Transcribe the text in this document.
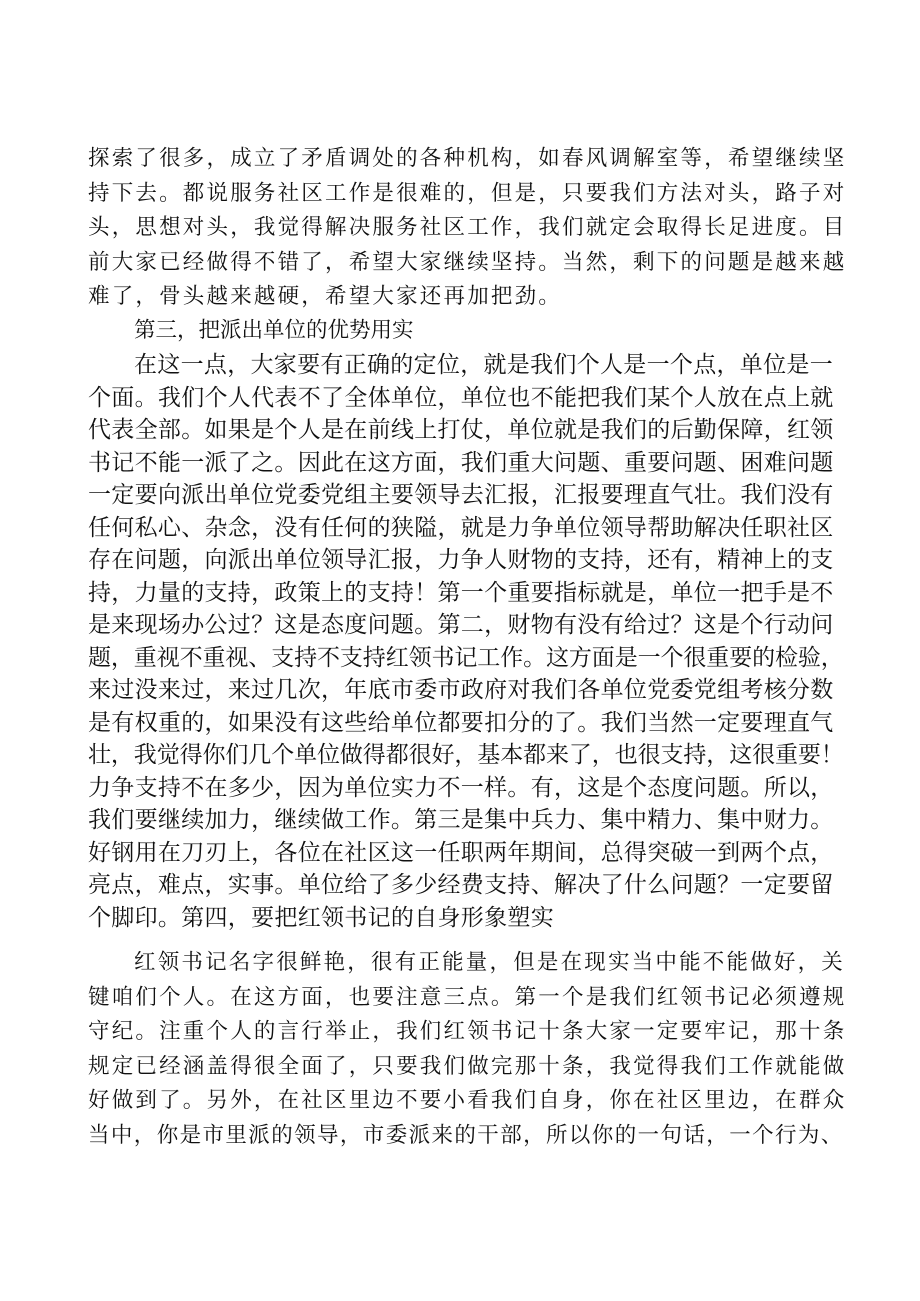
探索了很多，成立了矛盾调处的各种机构，如春风调解室等，希望继续坚

持下去。都说服务社区工作是很难的，但是，只要我们方法对头，路子对

头，思想对头，我觉得解决服务社区工作，我们就定会取得长足进度。目

前大家已经做得不错了，希望大家继续坚持。当然，剩下的问题是越来越

难了，骨头越来越硬，希望大家还再加把劲。

第三，把派出单位的优势用实

在这一点，大家要有正确的定位，就是我们个人是一个点，单位是一

个面。我们个人代表不了全体单位，单位也不能把我们某个人放在点上就

代表全部。如果是个人是在前线上打仗，单位就是我们的后勤保障，红领

书记不能一派了之。因此在这方面，我们重大问题、重要问题、困难问题

一定要向派出单位党委党组主要领导去汇报，汇报要理直气壮。我们没有

任何私心、杂念，没有任何的狭隘，就是力争单位领导帮助解决任职社区

存在问题，向派出单位领导汇报，力争人财物的支持，还有，精神上的支

持，力量的支持，政策上的支持！第一个重要指标就是，单位一把手是不

是来现场办公过？这是态度问题。第二，财物有没有给过？这是个行动问

题，重视不重视、支持不支持红领书记工作。这方面是一个很重要的检验，

来过没来过，来过几次，年底市委市政府对我们各单位党委党组考核分数

是有权重的，如果没有这些给单位都要扣分的了。我们当然一定要理直气

壮，我觉得你们几个单位做得都很好，基本都来了，也很支持，这很重要！

力争支持不在多少，因为单位实力不一样。有，这是个态度问题。所以，

我们要继续加力，继续做工作。第三是集中兵力、集中精力、集中财力。

好钢用在刀刃上，各位在社区这一任职两年期间，总得突破一到两个点，

亮点，难点，实事。单位给了多少经费支持、解决了什么问题？一定要留

个脚印。第四，要把红领书记的自身形象塑实

红领书记名字很鲜艳，很有正能量，但是在现实当中能不能做好，关

键咱们个人。在这方面，也要注意三点。第一个是我们红领书记必须遵规

守纪。注重个人的言行举止，我们红领书记十条大家一定要牢记，那十条

规定已经涵盖得很全面了，只要我们做完那十条，我觉得我们工作就能做

好做到了。另外，在社区里边不要小看我们自身，你在社区里边，在群众

当中，你是市里派的领导，市委派来的干部，所以你的一句话，一个行为、
